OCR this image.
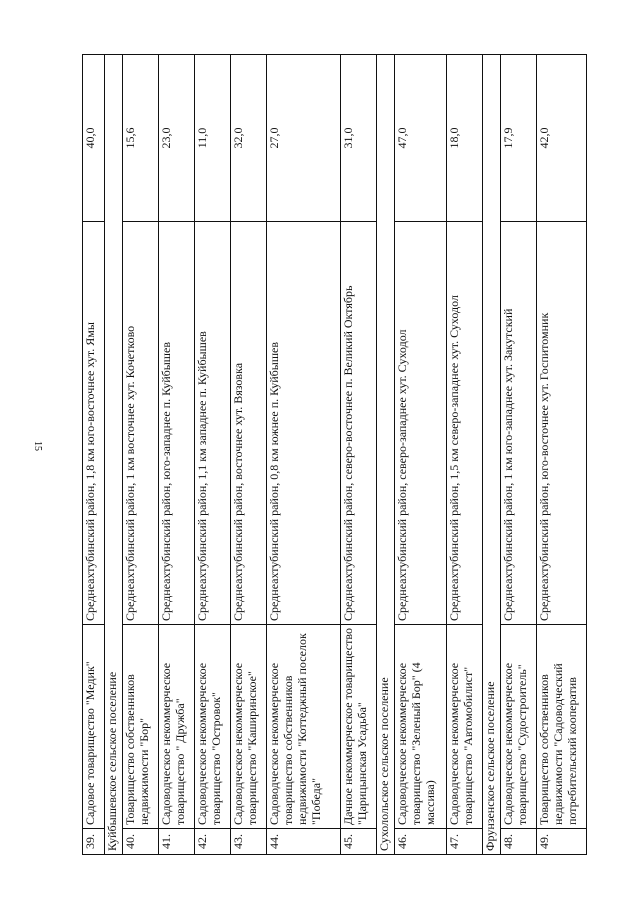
15
39.	Садовое товарищество "Медик"	Среднеахтубинский район, 1,8 км юго-восточнее хут. Ямы	40,0
Куйбышевское сельское поселение			
40.	Товарищество собственников недвижимости "Бор"	Среднеахтубинский район, 1 км восточнее хут. Кочетково	15,6
41.	Садоводческое некоммерческое товарищество " Дружба"	Среднеахтубинский район, юго-западнее п. Куйбышев	23,0
42.	Садоводческое некоммерческое товарищество "Островок"	Среднеахтубинский район, 1,1 км западнее п. Куйбышев	11,0
43.	Садоводческое некоммерческое товарищество "Каширинское"	Среднеахтубинский район, восточнее хут. Вязовка	32,0
44.	Садоводческое некоммерческое товарищество собственников недвижимости "Коттеджный поселок "Победа"	Среднеахтубинский район, 0,8 км южнее п. Куйбышев	27,0
45.	Дачное некоммерческое товарищество "Царицынская Усадьба"	Среднеахтубинский район, северо-восточнее п. Великий Октябрь	31,0
Сухолольское сельское поселение			
46.	Садоводческое некоммерческое товарищество "Зеленый Бор" (4 массива)	Среднеахтубинский район, северо-западнее хут. Суходол	47,0
47.	Садоводческое некоммерческое товарищество "Автомобилист"	Среднеахтубинский район, 1,5 км северо-западнее хут. Суходол	18,0
Фрунзенское сельское поселение			
48.	Садоводческое некоммерческое товарищество "Судостроитель"	Среднеахтубинский район, 1 км юго-западнее хут. Закутский	17,9
49.	Товарищество собственников недвижимости "Садоводческий потребительский кооператив	Среднеахтубинский район, юго-восточнее хут. Госпитомник	42,0
